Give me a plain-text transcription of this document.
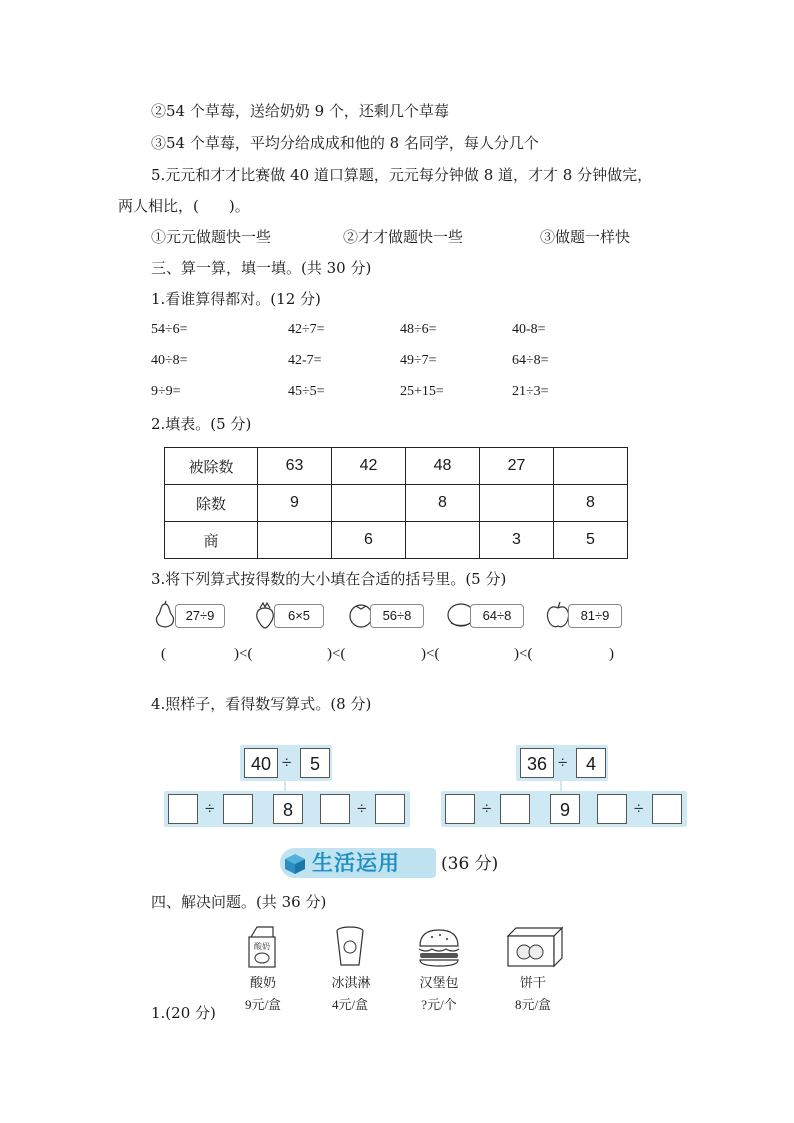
②54 个草莓，送给奶奶 9 个，还剩几个草莓
③54 个草莓，平均分给成成和他的 8 名同学，每人分几个
5.元元和才才比赛做 40 道口算题，元元每分钟做 8 道，才才 8 分钟做完，
两人相比，(　　)。
①元元做题快一些	②才才做题快一些	③做题一样快
三、算一算，填一填。(共 30 分)
1.看谁算得都对。(12 分)
54÷6=	42÷7=	48÷6=	40-8=
40÷8=	42-7=	49÷7=	64÷8=
9÷9=	45÷5=	25+15=	21÷3=
2.填表。(5 分)
被除数	63	42	48	27	
除数	9		8		8
商		6		3	5
3.将下列算式按得数的大小填在合适的括号里。(5 分)
27÷9	6×5	56÷8	64÷8	81÷9
(	)<(	)<(	)<(	)<(	)
4.照样子，看得数写算式。(8 分)
40 ÷	5
÷	8	÷
36 ÷	4
÷	9	÷
生活运用 (36 分)
四、解决问题。(共 36 分)
酸奶
酸奶
9元/盒
冰淇淋
4元/盒
汉堡包
?元/个
饼干
8元/盒
1.(20 分)
